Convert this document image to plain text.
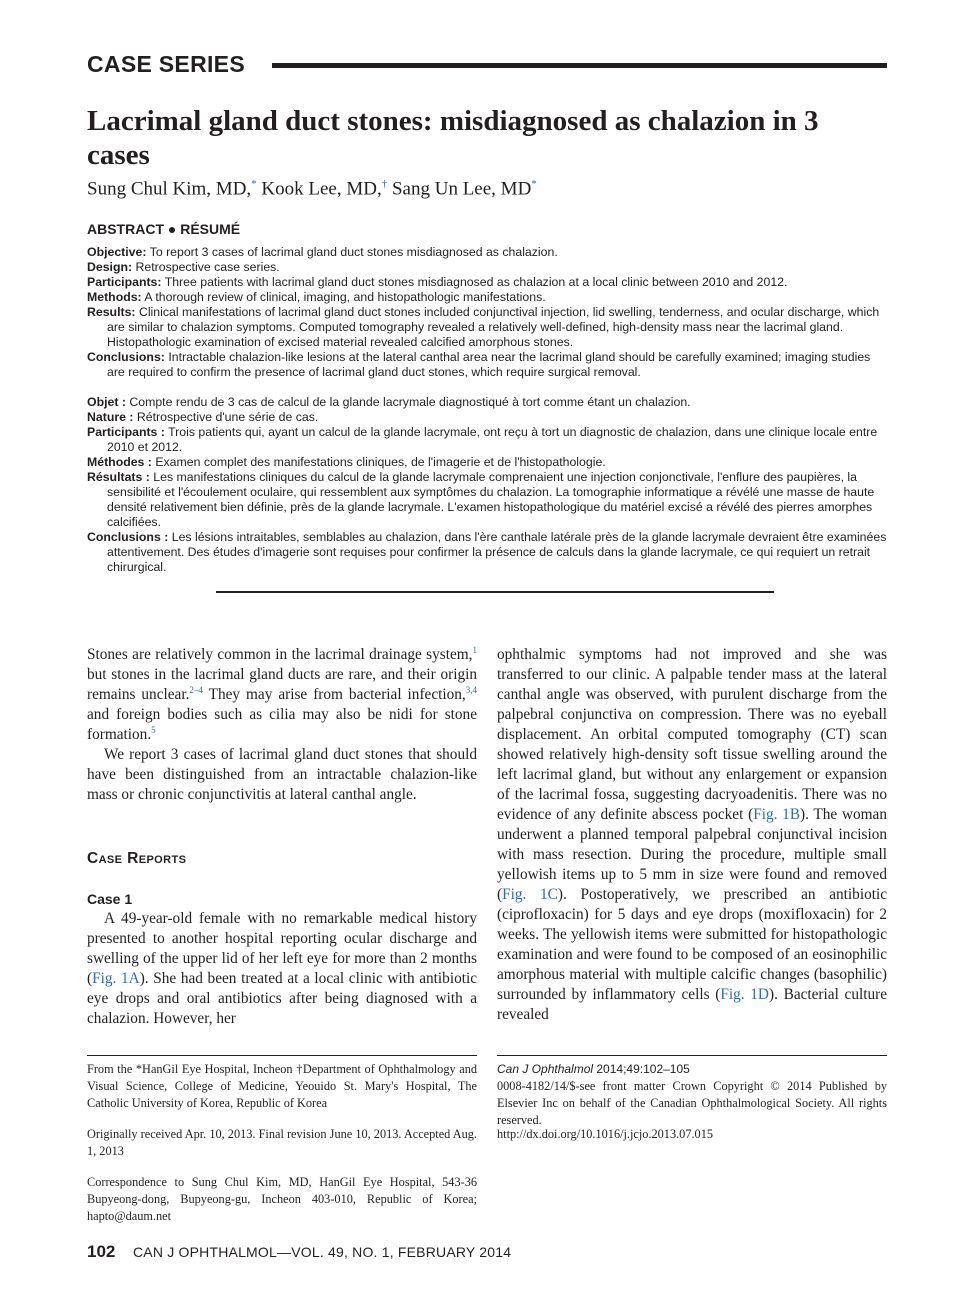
CASE SERIES
Lacrimal gland duct stones: misdiagnosed as chalazion in 3 cases
Sung Chul Kim, MD,* Kook Lee, MD,† Sang Un Lee, MD*
ABSTRACT ● RÉSUMÉ
Objective: To report 3 cases of lacrimal gland duct stones misdiagnosed as chalazion.
Design: Retrospective case series.
Participants: Three patients with lacrimal gland duct stones misdiagnosed as chalazion at a local clinic between 2010 and 2012.
Methods: A thorough review of clinical, imaging, and histopathologic manifestations.
Results: Clinical manifestations of lacrimal gland duct stones included conjunctival injection, lid swelling, tenderness, and ocular discharge, which are similar to chalazion symptoms. Computed tomography revealed a relatively well-defined, high-density mass near the lacrimal gland. Histopathologic examination of excised material revealed calcified amorphous stones.
Conclusions: Intractable chalazion-like lesions at the lateral canthal area near the lacrimal gland should be carefully examined; imaging studies are required to confirm the presence of lacrimal gland duct stones, which require surgical removal.
Objet : Compte rendu de 3 cas de calcul de la glande lacrymale diagnostiqué à tort comme étant un chalazion.
Nature : Rétrospective d'une série de cas.
Participants : Trois patients qui, ayant un calcul de la glande lacrymale, ont reçu à tort un diagnostic de chalazion, dans une clinique locale entre 2010 et 2012.
Méthodes : Examen complet des manifestations cliniques, de l'imagerie et de l'histopathologie.
Résultats : Les manifestations cliniques du calcul de la glande lacrymale comprenaient une injection conjonctivale, l'enflure des paupières, la sensibilité et l'écoulement oculaire, qui ressemblent aux symptômes du chalazion. La tomographie informatique a révélé une masse de haute densité relativement bien définie, près de la glande lacrymale. L'examen histopathologique du matériel excisé a révélé des pierres amorphes calcifiées.
Conclusions : Les lésions intraitables, semblables au chalazion, dans l'ère canthale latérale près de la glande lacrymale devraient être examinées attentivement. Des études d'imagerie sont requises pour confirmer la présence de calculs dans la glande lacrymale, ce qui requiert un retrait chirurgical.

Stones are relatively common in the lacrimal drainage system,$^1$ but stones in the lacrimal gland ducts are rare, and their origin remains unclear.$^{2-4}$ They may arise from bacterial infection,$^{3,4}$ and foreign bodies such as cilia may also be nidi for stone formation.$^5$

We report 3 cases of lacrimal gland duct stones that should have been distinguished from an intractable chalazion-like mass or chronic conjunctivitis at lateral canthal angle.

Case Reports

Case 1

A 49-year-old female with no remarkable medical history presented to another hospital reporting ocular discharge and swelling of the upper lid of her left eye for more than 2 months (Fig. 1A). She had been treated at a local clinic with antibiotic eye drops and oral antibiotics after being diagnosed with a chalazion. However, her

ophthalmic symptoms had not improved and she was transferred to our clinic. A palpable tender mass at the lateral canthal angle was observed, with purulent discharge from the palpebral conjunctiva on compression. There was no eyeball displacement. An orbital computed tomography (CT) scan showed relatively high-density soft tissue swelling around the left lacrimal gland, but without any enlargement or expansion of the lacrimal fossa, suggesting dacryoadenitis. There was no evidence of any definite abscess pocket (Fig. 1B). The woman underwent a planned temporal palpebral conjunctival incision with mass resection. During the procedure, multiple small yellowish items up to 5 mm in size were found and removed (Fig. 1C). Postoperatively, we prescribed an antibiotic (ciprofloxacin) for 5 days and eye drops (moxifloxacin) for 2 weeks. The yellowish items were submitted for histopathologic examination and were found to be composed of an eosinophilic amorphous material with multiple calcific changes (basophilic) surrounded by inflammatory cells (Fig. 1D). Bacterial culture revealed

From the *HanGil Eye Hospital, Incheon †Department of Ophthalmology and Visual Science, College of Medicine, Yeouido St. Mary's Hospital, The Catholic University of Korea, Republic of Korea
Originally received Apr. 10, 2013. Final revision June 10, 2013. Accepted Aug. 1, 2013
Correspondence to Sung Chul Kim, MD, HanGil Eye Hospital, 543-36 Bupyeong-dong, Bupyeong-gu, Incheon 403-010, Republic of Korea; hapto@daum.net
Can J Ophthalmol 2014;49:102–105
0008-4182/14/$-see front matter Crown Copyright © 2014 Published by Elsevier Inc on behalf of the Canadian Ophthalmological Society. All rights reserved.
http://dx.doi.org/10.1016/j.jcjo.2013.07.015
102 CAN J OPHTHALMOL—VOL. 49, NO. 1, FEBRUARY 2014
